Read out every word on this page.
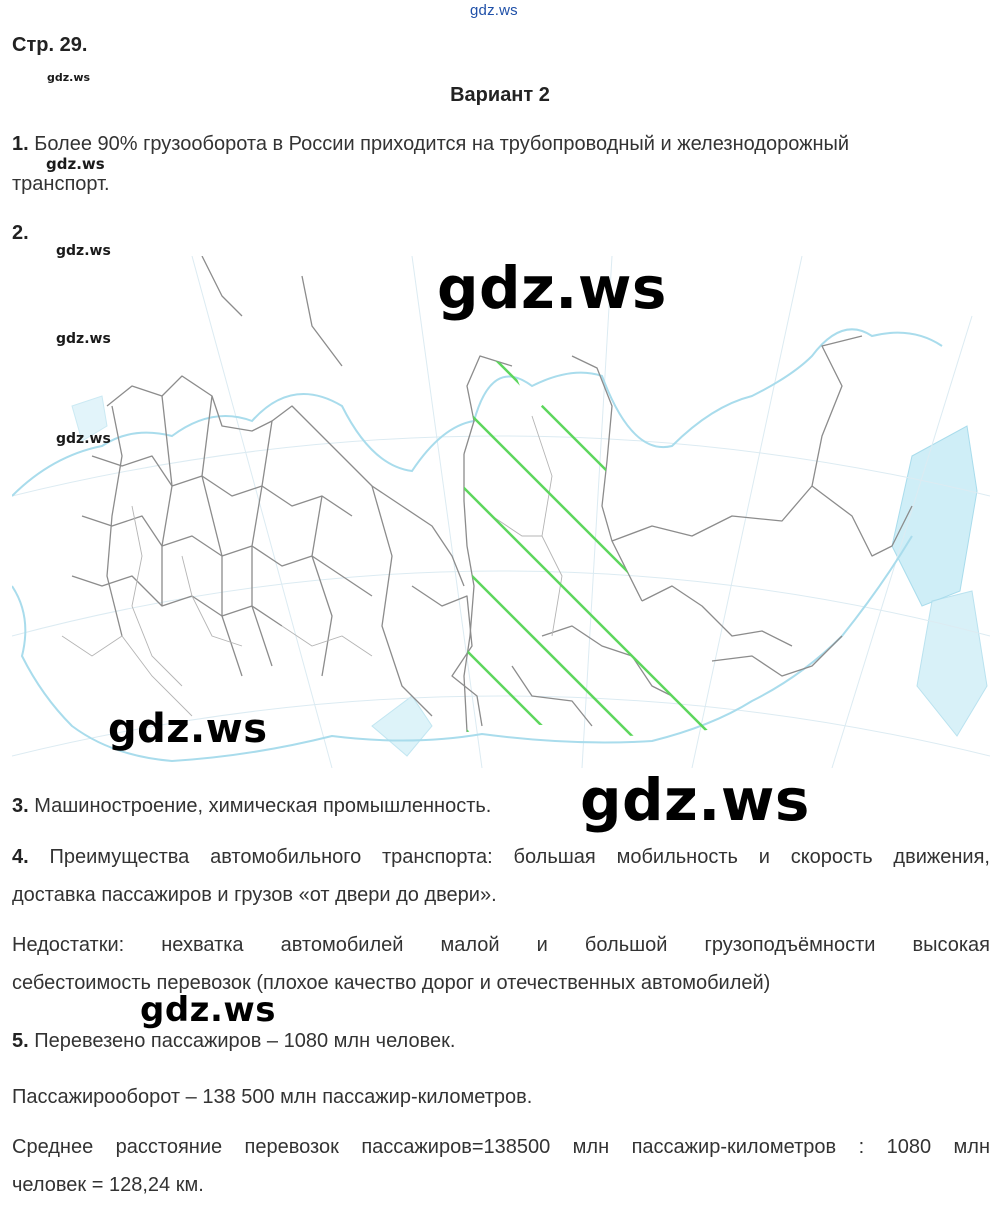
gdz.ws
gdz.ws
gdz.ws
Стр. 29.
Вариант 2
1. Более 90% грузооборота в России приходится на трубопроводный и железнодорожный
транспорт.
2.
gdz.ws
gdz.ws
gdz.ws
gdz.ws
gdz.ws
3. Машиностроение, химическая промышленность. gdz.ws
4. Преимущества автомобильного транспорта: большая мобильность и скорость движения,
доставка пассажиров и грузов «от двери до двери».
Недостатки: нехватка автомобилей малой и большой грузоподъёмности высокая
себестоимость перевозок (плохое качество дорог и отечественных автомобилей)
gdz.ws
5. Перевезено пассажиров – 1080 млн человек.
Пассажирооборот – 138 500 млн пассажир-километров.
Среднее расстояние перевозок пассажиров=138500 млн пассажир-километров : 1080 млн
человек = 128,24 км.
